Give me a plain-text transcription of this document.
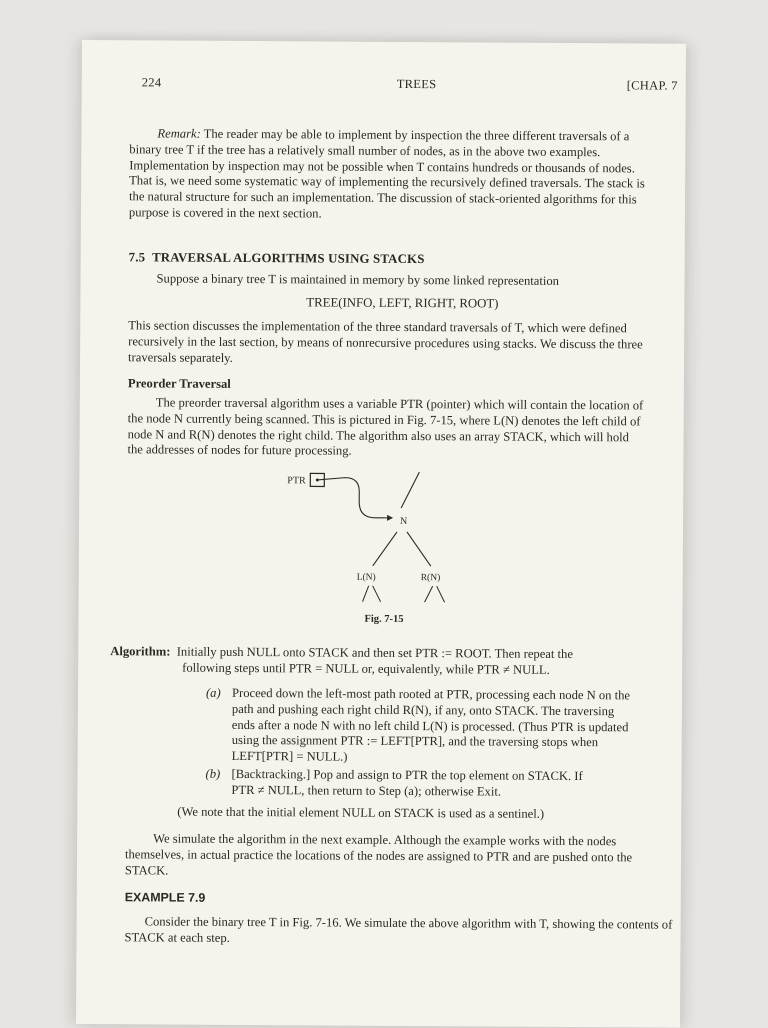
224	TREES	[CHAP. 7
Remark: The reader may be able to implement by inspection the three different traversals of a
binary tree T if the tree has a relatively small number of nodes, as in the above two examples.
Implementation by inspection may not be possible when T contains hundreds or thousands of nodes.
That is, we need some systematic way of implementing the recursively defined traversals. The stack is
the natural structure for such an implementation. The discussion of stack-oriented algorithms for this
purpose is covered in the next section.
7.5 TRAVERSAL ALGORITHMS USING STACKS
Suppose a binary tree T is maintained in memory by some linked representation
TREE(INFO, LEFT, RIGHT, ROOT)
This section discusses the implementation of the three standard traversals of T, which were defined
recursively in the last section, by means of nonrecursive procedures using stacks. We discuss the three
traversals separately.
Preorder Traversal
The preorder traversal algorithm uses a variable PTR (pointer) which will contain the location of
the node N currently being scanned. This is pictured in Fig. 7-15, where L(N) denotes the left child of
node N and R(N) denotes the right child. The algorithm also uses an array STACK, which will hold
the addresses of nodes for future processing.
PTR
N
L(N)	R(N)
Fig. 7-15
Algorithm: Initially push NULL onto STACK and then set PTR := ROOT. Then repeat the
following steps until PTR = NULL or, equivalently, while PTR ≠ NULL.
(a) Proceed down the left-most path rooted at PTR, processing each node N on the
path and pushing each right child R(N), if any, onto STACK. The traversing
ends after a node N with no left child L(N) is processed. (Thus PTR is updated
using the assignment PTR := LEFT[PTR], and the traversing stops when
LEFT[PTR] = NULL.)
(b) [Backtracking.] Pop and assign to PTR the top element on STACK. If
PTR ≠ NULL, then return to Step (a); otherwise Exit.
(We note that the initial element NULL on STACK is used as a sentinel.)
We simulate the algorithm in the next example. Although the example works with the nodes
themselves, in actual practice the locations of the nodes are assigned to PTR and are pushed onto the
STACK.
EXAMPLE 7.9
Consider the binary tree T in Fig. 7-16. We simulate the above algorithm with T, showing the contents of
STACK at each step.
